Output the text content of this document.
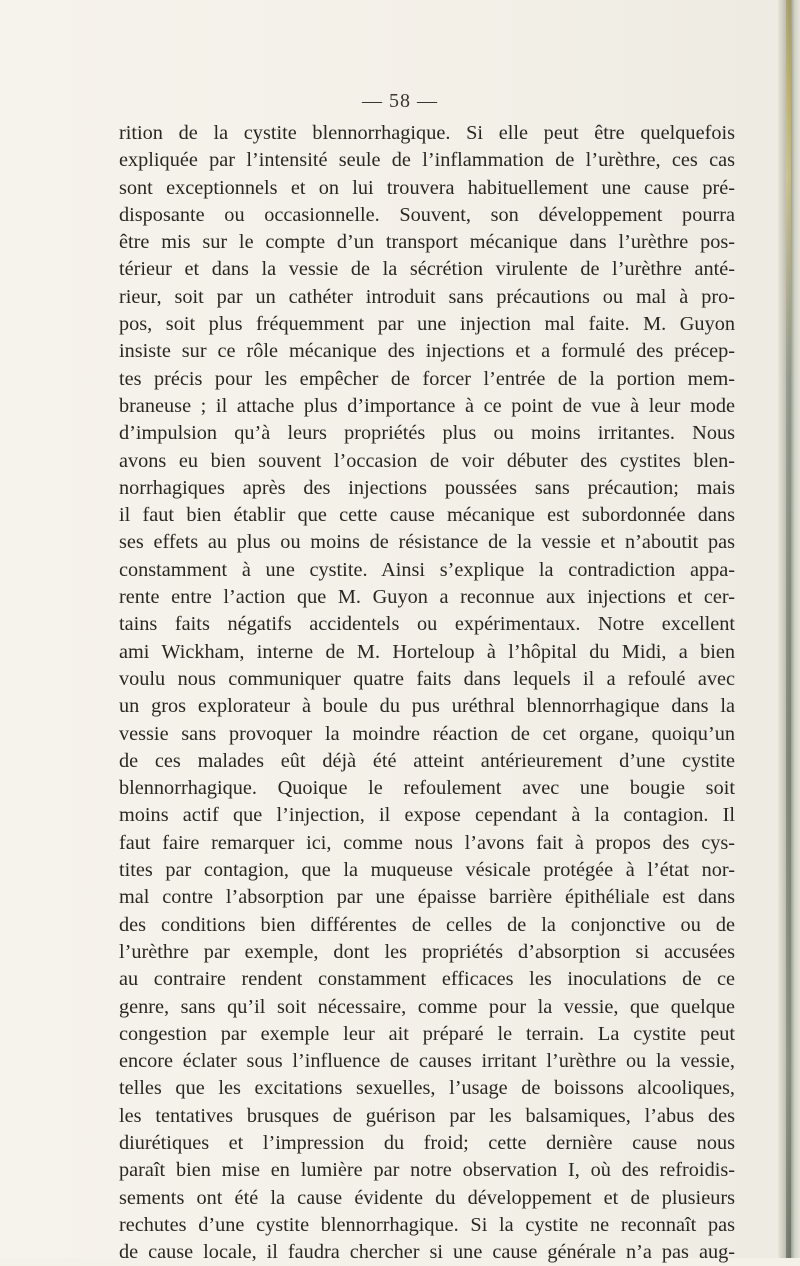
— 58 —
rition de la cystite blennorrhagique. Si elle peut être quelquefois
expliquée par l’intensité seule de l’inflammation de l’urèthre, ces cas
sont exceptionnels et on lui trouvera habituellement une cause pré-
disposante ou occasionnelle. Souvent, son développement pourra
être mis sur le compte d’un transport mécanique dans l’urèthre pos-
térieur et dans la vessie de la sécrétion virulente de l’urèthre anté-
rieur, soit par un cathéter introduit sans précautions ou mal à pro-
pos, soit plus fréquemment par une injection mal faite. M. Guyon
insiste sur ce rôle mécanique des injections et a formulé des précep-
tes précis pour les empêcher de forcer l’entrée de la portion mem-
braneuse ; il attache plus d’importance à ce point de vue à leur mode
d’impulsion qu’à leurs propriétés plus ou moins irritantes. Nous
avons eu bien souvent l’occasion de voir débuter des cystites blen-
norrhagiques après des injections poussées sans précaution; mais
il faut bien établir que cette cause mécanique est subordonnée dans
ses effets au plus ou moins de résistance de la vessie et n’aboutit pas
constamment à une cystite. Ainsi s’explique la contradiction appa-
rente entre l’action que M. Guyon a reconnue aux injections et cer-
tains faits négatifs accidentels ou expérimentaux. Notre excellent
ami Wickham, interne de M. Horteloup à l’hôpital du Midi, a bien
voulu nous communiquer quatre faits dans lequels il a refoulé avec
un gros explorateur à boule du pus uréthral blennorrhagique dans la
vessie sans provoquer la moindre réaction de cet organe, quoiqu’un
de ces malades eût déjà été atteint antérieurement d’une cystite
blennorrhagique. Quoique le refoulement avec une bougie soit
moins actif que l’injection, il expose cependant à la contagion. Il
faut faire remarquer ici, comme nous l’avons fait à propos des cys-
tites par contagion, que la muqueuse vésicale protégée à l’état nor-
mal contre l’absorption par une épaisse barrière épithéliale est dans
des conditions bien différentes de celles de la conjonctive ou de
l’urèthre par exemple, dont les propriétés d’absorption si accusées
au contraire rendent constamment efficaces les inoculations de ce
genre, sans qu’il soit nécessaire, comme pour la vessie, que quelque
congestion par exemple leur ait préparé le terrain. La cystite peut
encore éclater sous l’influence de causes irritant l’urèthre ou la vessie,
telles que les excitations sexuelles, l’usage de boissons alcooliques,
les tentatives brusques de guérison par les balsamiques, l’abus des
diurétiques et l’impression du froid; cette dernière cause nous
paraît bien mise en lumière par notre observation I, où des refroidis-
sements ont été la cause évidente du développement et de plusieurs
rechutes d’une cystite blennorrhagique. Si la cystite ne reconnaît pas
de cause locale, il faudra chercher si une cause générale n’a pas aug-
